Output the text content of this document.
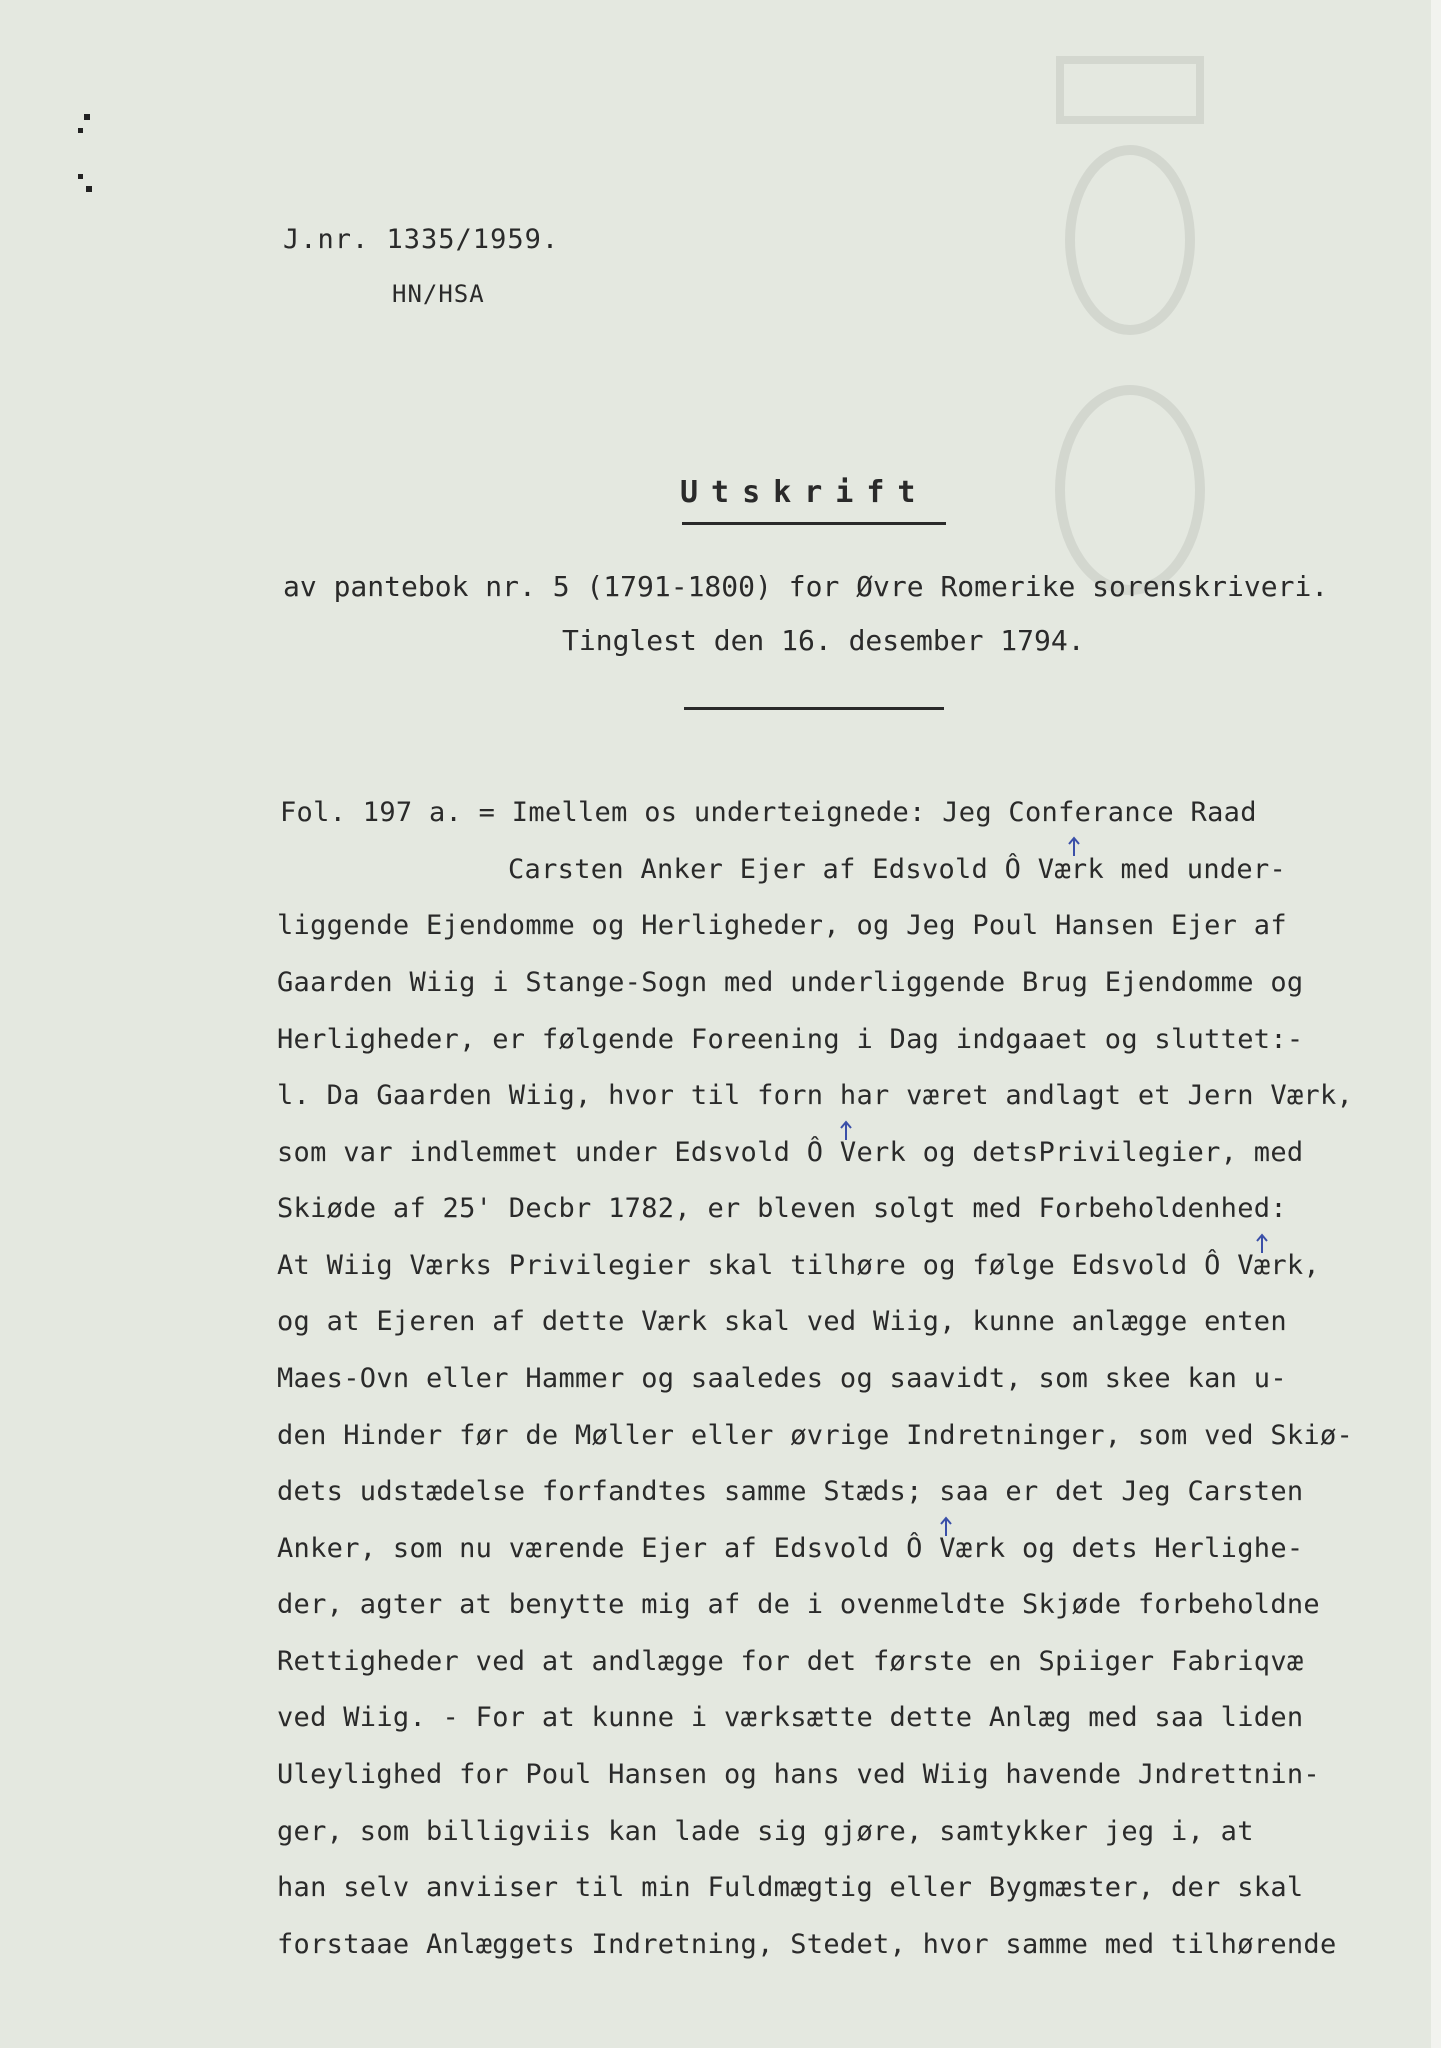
J.nr. 1335/1959.
HN/HSA
Utskrift
av pantebok nr. 5 (1791-1800) for Øvre Romerike sorenskriveri.
Tinglest den 16. desember 1794.
Fol. 197 a. = Imellem os underteignede: Jeg Conferance Raad
Carsten Anker Ejer af Edsvold Ô Værk med under-
liggende Ejendomme og Herligheder, og Jeg Poul Hansen Ejer af
Gaarden Wiig i Stange-Sogn med underliggende Brug Ejendomme og
Herligheder, er følgende Foreening i Dag indgaaet og sluttet:-
l. Da Gaarden Wiig, hvor til forn har været andlagt et Jern Værk,
som var indlemmet under Edsvold Ô Verk og detsPrivilegier, med
Skiøde af 25' Decbr 1782, er bleven solgt med Forbeholdenhed:
At Wiig Værks Privilegier skal tilhøre og følge Edsvold Ô Værk,
og at Ejeren af dette Værk skal ved Wiig, kunne anlægge enten
Maes-Ovn eller Hammer og saaledes og saavidt, som skee kan u-
den Hinder før de Møller eller øvrige Indretninger, som ved Skiø-
dets udstædelse forfandtes samme Stæds; saa er det Jeg Carsten
Anker, som nu værende Ejer af Edsvold Ô Værk og dets Herlighe-
der, agter at benytte mig af de i ovenmeldte Skjøde forbeholdne
Rettigheder ved at andlægge for det første en Spiiger Fabriqvæ
ved Wiig. - For at kunne i værksætte dette Anlæg med saa liden
Uleylighed for Poul Hansen og hans ved Wiig havende Jndrettnin-
ger, som billigviis kan lade sig gjøre, samtykker jeg i, at
han selv anviiser til min Fuldmægtig eller Bygmæster, der skal
forstaae Anlæggets Indretning, Stedet, hvor samme med tilhørende
